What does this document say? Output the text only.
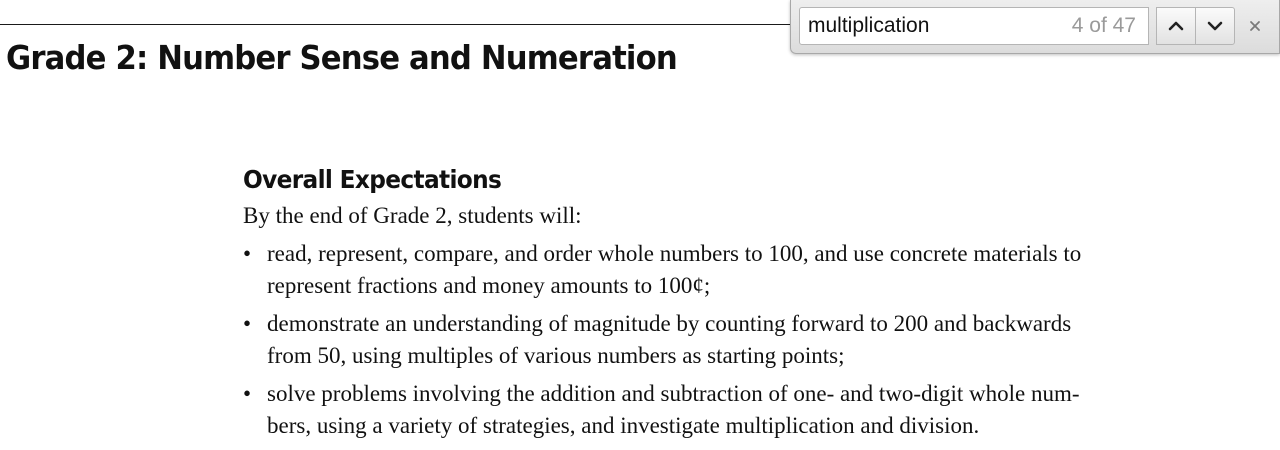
Grade 2: Number Sense and Numeration
Overall Expectations

By the end of Grade 2, students will:

• read, represent, compare, and order whole numbers to 100, and use concrete materials to
represent fractions and money amounts to 100¢;
• demonstrate an understanding of magnitude by counting forward to 200 and backwards
from 50, using multiples of various numbers as starting points;
• solve problems involving the addition and subtraction of one- and two-digit whole num-
bers, using a variety of strategies, and investigate multiplication and division.
multiplication
4 of 47
